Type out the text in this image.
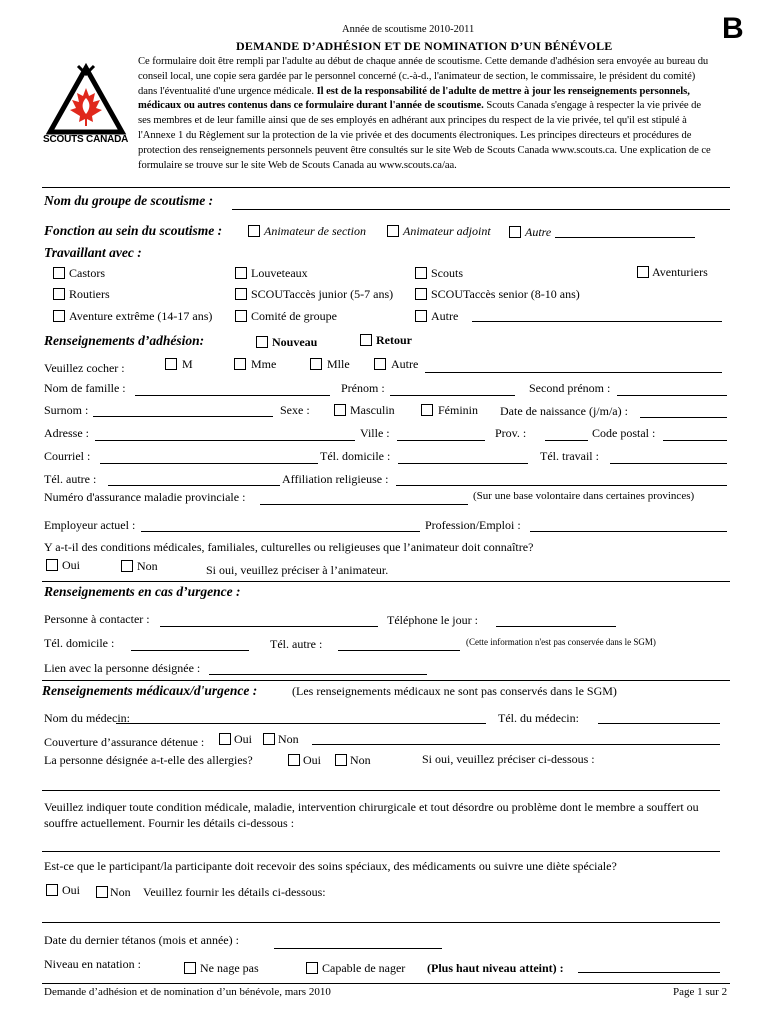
Année de scoutisme 2010-2011
DEMANDE D’ADHÉSION ET DE NOMINATION D’UN BÉNÉVOLE
B
SCOUTS CANADA
Ce formulaire doit être rempli par l'adulte au début de chaque année de scoutisme. Cette demande d'adhésion sera envoyée au bureau du conseil local, une copie sera gardée par le personnel concerné (c.-à-d., l'animateur de section, le commissaire, le président du comité) dans l'éventualité d'une urgence médicale. Il est de la responsabilité de l'adulte de mettre à jour les renseignements personnels, médicaux ou autres contenus dans ce formulaire durant l'année de scoutisme. Scouts Canada s'engage à respecter la vie privée de ses membres et de leur famille ainsi que de ses employés en adhérant aux principes du respect de la vie privée, tel qu'il est stipulé à l'Annexe 1 du Règlement sur la protection de la vie privée et des documents électroniques. Les principes directeurs et procédures de protection des renseignements personnels peuvent être consultés sur le site Web de Scouts Canada www.scouts.ca. Une explication de ce formulaire se trouve sur le site Web de Scouts Canada au www.scouts.ca/aa.
Nom du groupe de scoutisme :
Fonction au sein du scoutisme :	Animateur de section	Animateur adjoint	Autre
Travaillant avec :
Castors	Louveteaux	Scouts	Aventuriers
Routiers	SCOUTaccès junior (5-7 ans)	SCOUTaccès senior (8-10 ans)
Aventure extrême (14-17 ans)	Comité de groupe	Autre
Renseignements d’adhésion:	Nouveau	Retour
Veuillez cocher :	M	Mme	Mlle	Autre
Nom de famille :	Prénom :	Second prénom :
Surnom :	Sexe :	Masculin	Féminin Date de naissance (j/m/a) :
Adresse :	Ville :	Prov. :	Code postal :
Courriel :	Tél. domicile :	Tél. travail :
Tél. autre :	Affiliation religieuse :
Numéro d'assurance maladie provinciale :	(Sur une base volontaire dans certaines provinces)
Employeur actuel :	Profession/Emploi :
Y a-t-il des conditions médicales, familiales, culturelles ou religieuses que l’animateur doit connaître?
Oui	Non	Si oui, veuillez préciser à l’animateur.
Renseignements en cas d’urgence :
Personne à contacter :	Téléphone le jour :
Tél. domicile :	Tél. autre :	(Cette information n'est pas conservée dans le SGM)
Lien avec la personne désignée :
Renseignements médicaux/d'urgence :	(Les renseignements médicaux ne sont pas conservés dans le SGM)
Nom du médecin:	Tél. du médecin:
Couverture d’assurance détenue : Oui Non
La personne désignée a-t-elle des allergies?	Oui Non	Si oui, veuillez préciser ci-dessous :
Veuillez indiquer toute condition médicale, maladie, intervention chirurgicale et tout désordre ou problème dont le membre a souffert ou souffre actuellement. Fournir les détails ci-dessous :
Est-ce que le participant/la participante doit recevoir des soins spéciaux, des médicaments ou suivre une diète spéciale?
Oui	Non Veuillez fournir les détails ci-dessous:
Date du dernier tétanos (mois et année) :
Niveau en natation :	Ne nage pas	Capable de nager (Plus haut niveau atteint) :
Demande d’adhésion et de nomination d’un bénévole, mars 2010	Page 1 sur 2
